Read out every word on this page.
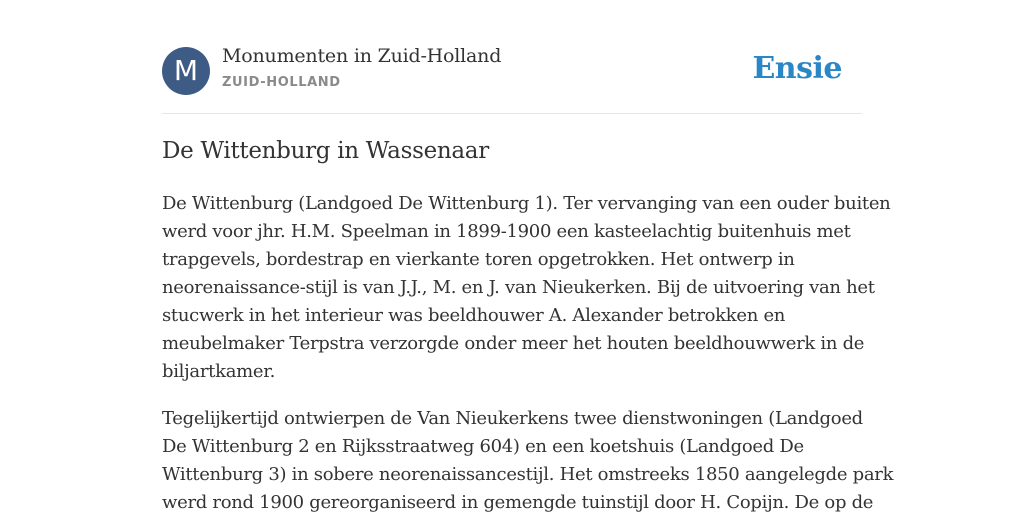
M	Monumenten in Zuid-Holland
ZUID-HOLLAND	Ensie
De Wittenburg in Wassenaar

De Wittenburg (Landgoed De Wittenburg 1). Ter vervanging van een ouder buiten
werd voor jhr. H.M. Speelman in 1899-1900 een kasteelachtig buitenhuis met
trapgevels, bordestrap en vierkante toren opgetrokken. Het ontwerp in
neorenaissance-stijl is van J.J., M. en J. van Nieukerken. Bij de uitvoering van het
stucwerk in het interieur was beeldhouwer A. Alexander betrokken en
meubelmaker Terpstra verzorgde onder meer het houten beeldhouwwerk in de
biljartkamer.

Tegelijkertijd ontwierpen de Van Nieukerkens twee dienstwoningen (Landgoed
De Wittenburg 2 en Rijksstraatweg 604) en een koetshuis (Landgoed De
Wittenburg 3) in sobere neorenaissancestijl. Het omstreeks 1850 aangelegde park
werd rond 1900 gereorganiseerd in gemengde tuinstijl door H. Copijn. De op de
